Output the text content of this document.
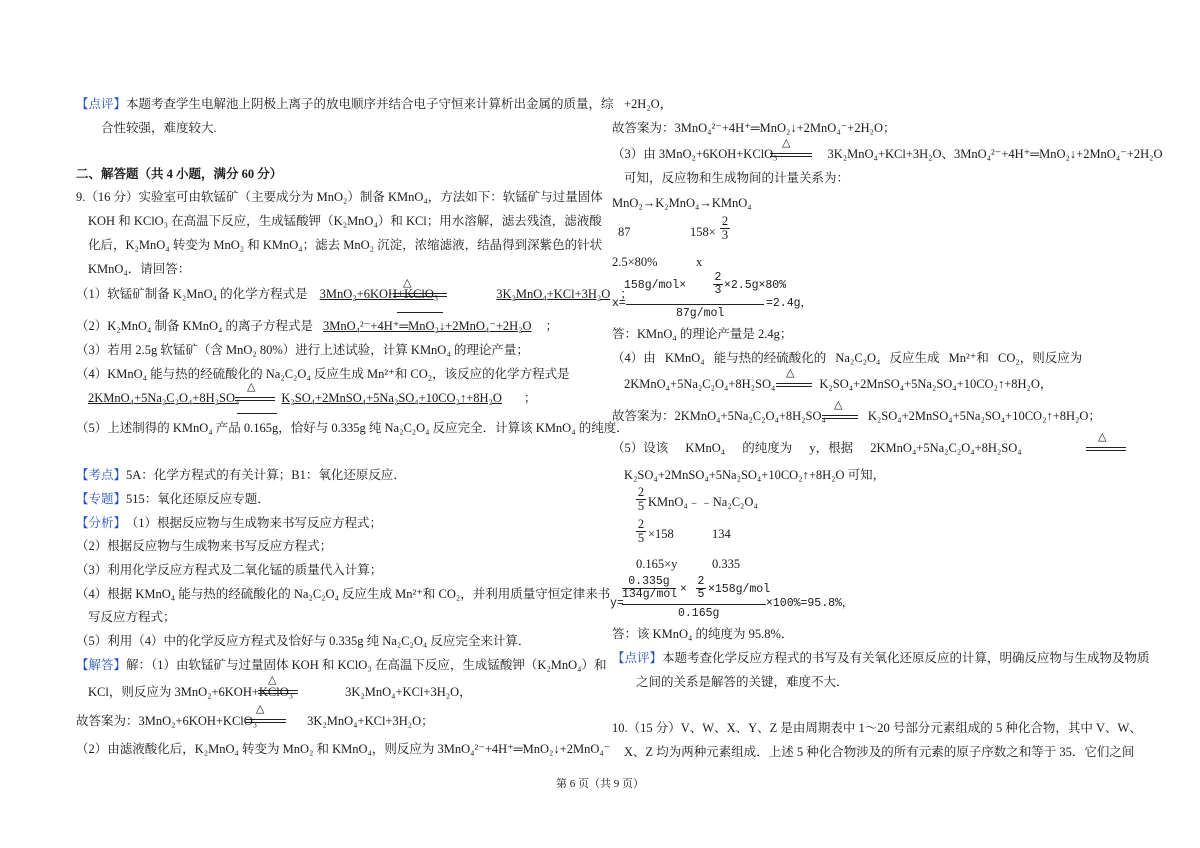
【点评】本题考查学生电解池上阴极上离子的放电顺序并结合电子守恒来计算析出金属的质量，综
合性较强，难度较大.
二、解答题（共 4 小题，满分 60 分）
9.（16 分）实验室可由软锰矿（主要成分为 MnO₂）制备 KMnO₄，方法如下：软锰矿与过量固体
KOH 和 KClO₃ 在高温下反应，生成锰酸钾（K₂MnO₄）和 KCl；用水溶解，滤去残渣，滤液酸
化后，K₂MnO₄ 转变为 MnO₂ 和 KMnO₄；滤去 MnO₂ 沉淀，浓缩滤液，结晶得到深紫色的针状
KMnO₄．请回答：
（1）软锰矿制备 K₂MnO₄ 的化学方程式是 3MnO₂+6KOH+KClO₃	3K₂MnO₄+KCl+3H₂O ；
△
（2）K₂MnO₄ 制备 KMnO₄ 的离子方程式是 3MnO₄²⁻+4H⁺═MnO₂↓+2MnO₄⁻+2H₂O ；
（3）若用 2.5g 软锰矿（含 MnO₂ 80%）进行上述试验，计算 KMnO₄ 的理论产量；
（4）KMnO₄ 能与热的经硫酸化的 Na₂C₂O₄ 反应生成 Mn²⁺和 CO₂，该反应的化学方程式是
2KMnO₄+5Na₂C₂O₄+8H₂SO₄	K₂SO₄+2MnSO₄+5Na₂SO₄+10CO₂↑+8H₂O ；
△
（5）上述制得的 KMnO₄ 产品 0.165g，恰好与 0.335g 纯 Na₂C₂O₄ 反应完全．计算该 KMnO₄ 的纯度．
【考点】5A：化学方程式的有关计算；B1：氧化还原反应．
【专题】515：氧化还原反应专题．
【分析】 （1）根据反应物与生成物来书写反应方程式；
（2）根据反应物与生成物来书写反应方程式；
（3）利用化学反应方程式及二氧化锰的质量代入计算；
（4）根据 KMnO₄ 能与热的经硫酸化的 Na₂C₂O₄ 反应生成 Mn²⁺和 CO₂，并利用质量守恒定律来书
写反应方程式；
（5）利用（4）中的化学反应方程式及恰好与 0.335g 纯 Na₂C₂O₄ 反应完全来计算．
【解答】解：（1）由软锰矿与过量固体 KOH 和 KClO₃ 在高温下反应，生成锰酸钾（K₂MnO₄）和
KCl，则反应为 3MnO₂+6KOH+KClO₃	3K₂MnO₄+KCl+3H₂O，
△
故答案为：3MnO₂+6KOH+KClO₃	3K₂MnO₄+KCl+3H₂O；
△
（2）由滤液酸化后，K₂MnO₄ 转变为 MnO₂ 和 KMnO₄，则反应为 3MnO₄²⁻+4H⁺═MnO₂↓+2MnO₄⁻
+2H₂O，
故答案为：3MnO₄²⁻+4H⁺═MnO₂↓+2MnO₄⁻+2H₂O；
（3）由 3MnO₂+6KOH+KClO₃	3K₂MnO₄+KCl+3H₂O、3MnO₄²⁻+4H⁺═MnO₂↓+2MnO₄⁻+2H₂O
△
可知，反应物和生成物间的计量关系为：
MnO₂→K₂MnO₄→KMnO₄
87	$158\times \frac{2}{3}$
2.5×80%	x
$158g/mol\times \frac{2}{3} \times 2.5g\times 80\%$
x=	=2.4g，
87g/mol
答：KMnO₄ 的理论产量是 2.4g；
（4）由 KMnO₄ 能与热的经硫酸化的 Na₂C₂O₄ 反应生成 Mn²⁺和 CO₂，则反应为
2KMnO₄+5Na₂C₂O₄+8H₂SO₄	K₂SO₄+2MnSO₄+5Na₂SO₄+10CO₂↑+8H₂O，
△
故答案为：2KMnO₄+5Na₂C₂O₄+8H₂SO₄	K₂SO₄+2MnSO₄+5Na₂SO₄+10CO₂↑+8H₂O；
△
（5）设该 KMnO₄ 的纯度为 y，根据 2KMnO₄+5Na₂C₂O₄+8H₂SO₄
△
K₂SO₄+2MnSO₄+5Na₂SO₄+10CO₂↑+8H₂O 可知，
$\frac{2}{5}$ KMnO₄﹣﹣Na₂C₂O₄
$\frac{2}{5} \times 158$	134
0.165×y	0.335
0.335g
$134g/mol \times \frac{2}{5} \times 158g/mol$
y=	×100%=95.8%，
0.165g
答：该 KMnO₄ 的纯度为 95.8%．
【点评】本题考查化学反应方程式的书写及有关氧化还原反应的计算，明确反应物与生成物及物质
之间的关系是解答的关键，难度不大．
10.（15 分）V、W、X、Y、Z 是由周期表中 1～20 号部分元素组成的 5 种化合物，其中 V、W、
X、Z 均为两种元素组成．上述 5 种化合物涉及的所有元素的原子序数之和等于 35．它们之间
第 6 页（共 9 页）
